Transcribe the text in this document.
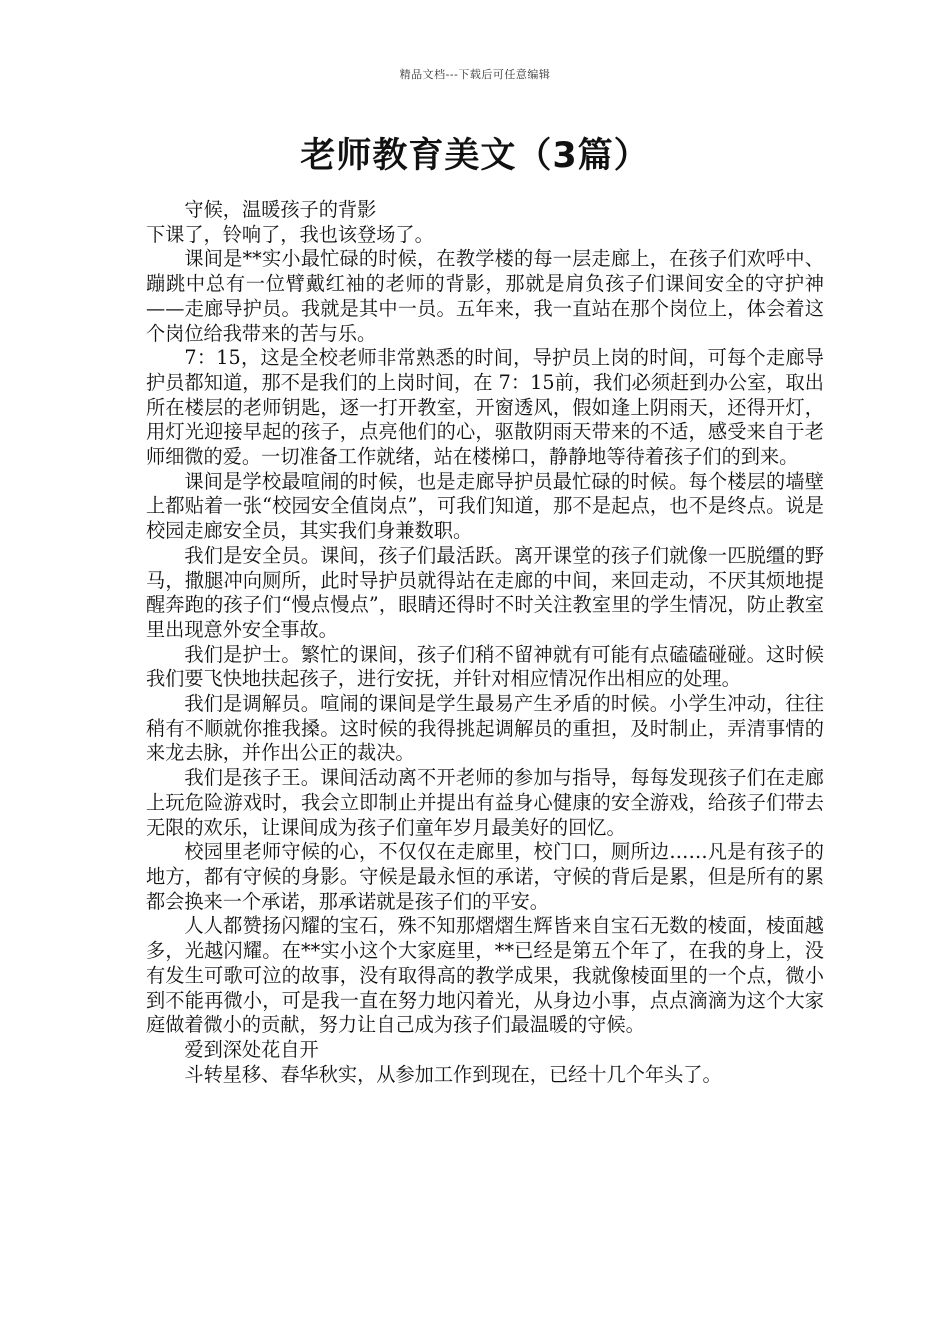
精品文档---下载后可任意编辑
老师教育美文（3篇）

守候，温暖孩子的背影

下课了，铃响了，我也该登场了。

课间是**实小最忙碌的时候，在教学楼的每一层走廊上，在孩子们欢呼中、蹦跳中总有一位臂戴红袖的老师的背影，那就是肩负孩子们课间安全的守护神——走廊导护员。我就是其中一员。五年来，我一直站在那个岗位上，体会着这个岗位给我带来的苦与乐。

7：15，这是全校老师非常熟悉的时间，导护员上岗的时间，可每个走廊导护员都知道，那不是我们的上岗时间，在 7：15前，我们必须赶到办公室，取出所在楼层的老师钥匙，逐一打开教室，开窗透风，假如逢上阴雨天，还得开灯，用灯光迎接早起的孩子，点亮他们的心，驱散阴雨天带来的不适，感受来自于老师细微的爱。一切准备工作就绪，站在楼梯口，静静地等待着孩子们的到来。

课间是学校最喧闹的时候，也是走廊导护员最忙碌的时候。每个楼层的墙壁上都贴着一张“校园安全值岗点”，可我们知道，那不是起点，也不是终点。说是校园走廊安全员，其实我们身兼数职。

我们是安全员。课间，孩子们最活跃。离开课堂的孩子们就像一匹脱缰的野马，撒腿冲向厕所，此时导护员就得站在走廊的中间，来回走动，不厌其烦地提醒奔跑的孩子们“慢点慢点”，眼睛还得时不时关注教室里的学生情况，防止教室里出现意外安全事故。

我们是护士。繁忙的课间，孩子们稍不留神就有可能有点磕磕碰碰。这时候我们要飞快地扶起孩子，进行安抚，并针对相应情况作出相应的处理。

我们是调解员。喧闹的课间是学生最易产生矛盾的时候。小学生冲动，往往稍有不顺就你推我搡。这时候的我得挑起调解员的重担，及时制止，弄清事情的来龙去脉，并作出公正的裁决。

我们是孩子王。课间活动离不开老师的参加与指导，每每发现孩子们在走廊上玩危险游戏时，我会立即制止并提出有益身心健康的安全游戏，给孩子们带去无限的欢乐，让课间成为孩子们童年岁月最美好的回忆。

校园里老师守候的心，不仅仅在走廊里，校门口，厕所边……凡是有孩子的地方，都有守候的身影。守候是最永恒的承诺，守候的背后是累，但是所有的累都会换来一个承诺，那承诺就是孩子们的平安。

人人都赞扬闪耀的宝石，殊不知那熠熠生辉皆来自宝石无数的棱面，棱面越多，光越闪耀。在**实小这个大家庭里，**已经是第五个年了，在我的身上，没有发生可歌可泣的故事，没有取得高的教学成果，我就像棱面里的一个点，微小到不能再微小，可是我一直在努力地闪着光，从身边小事，点点滴滴为这个大家庭做着微小的贡献，努力让自己成为孩子们最温暖的守候。

爱到深处花自开

斗转星移、春华秋实，从参加工作到现在，已经十几个年头了。
